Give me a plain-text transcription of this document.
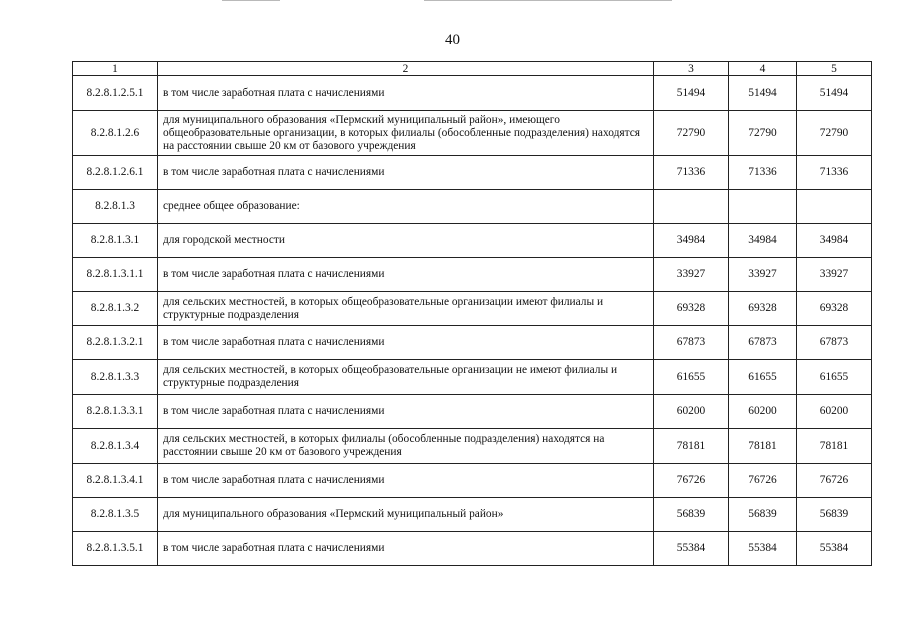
40
1	2	3	4	5
8.2.8.1.2.5.1	в том числе заработная плата с начислениями	51494	51494	51494
8.2.8.1.2.6	для муниципального образования «Пермский муниципальный район», имеющего общеобразовательные организации, в которых филиалы (обособленные подразделения) находятся на расстоянии свыше 20 км от базового учреждения	72790	72790	72790
8.2.8.1.2.6.1	в том числе заработная плата с начислениями	71336	71336	71336
8.2.8.1.3	среднее общее образование:			
8.2.8.1.3.1	для городской местности	34984	34984	34984
8.2.8.1.3.1.1	в том числе заработная плата с начислениями	33927	33927	33927
8.2.8.1.3.2	для сельских местностей, в которых общеобразовательные организации имеют филиалы и структурные подразделения	69328	69328	69328
8.2.8.1.3.2.1	в том числе заработная плата с начислениями	67873	67873	67873
8.2.8.1.3.3	для сельских местностей, в которых общеобразовательные организации не имеют филиалы и структурные подразделения	61655	61655	61655
8.2.8.1.3.3.1	в том числе заработная плата с начислениями	60200	60200	60200
8.2.8.1.3.4	для сельских местностей, в которых филиалы (обособленные подразделения) находятся на расстоянии свыше 20 км от базового учреждения	78181	78181	78181
8.2.8.1.3.4.1	в том числе заработная плата с начислениями	76726	76726	76726
8.2.8.1.3.5	для муниципального образования «Пермский муниципальный район»	56839	56839	56839
8.2.8.1.3.5.1	в том числе заработная плата с начислениями	55384	55384	55384
